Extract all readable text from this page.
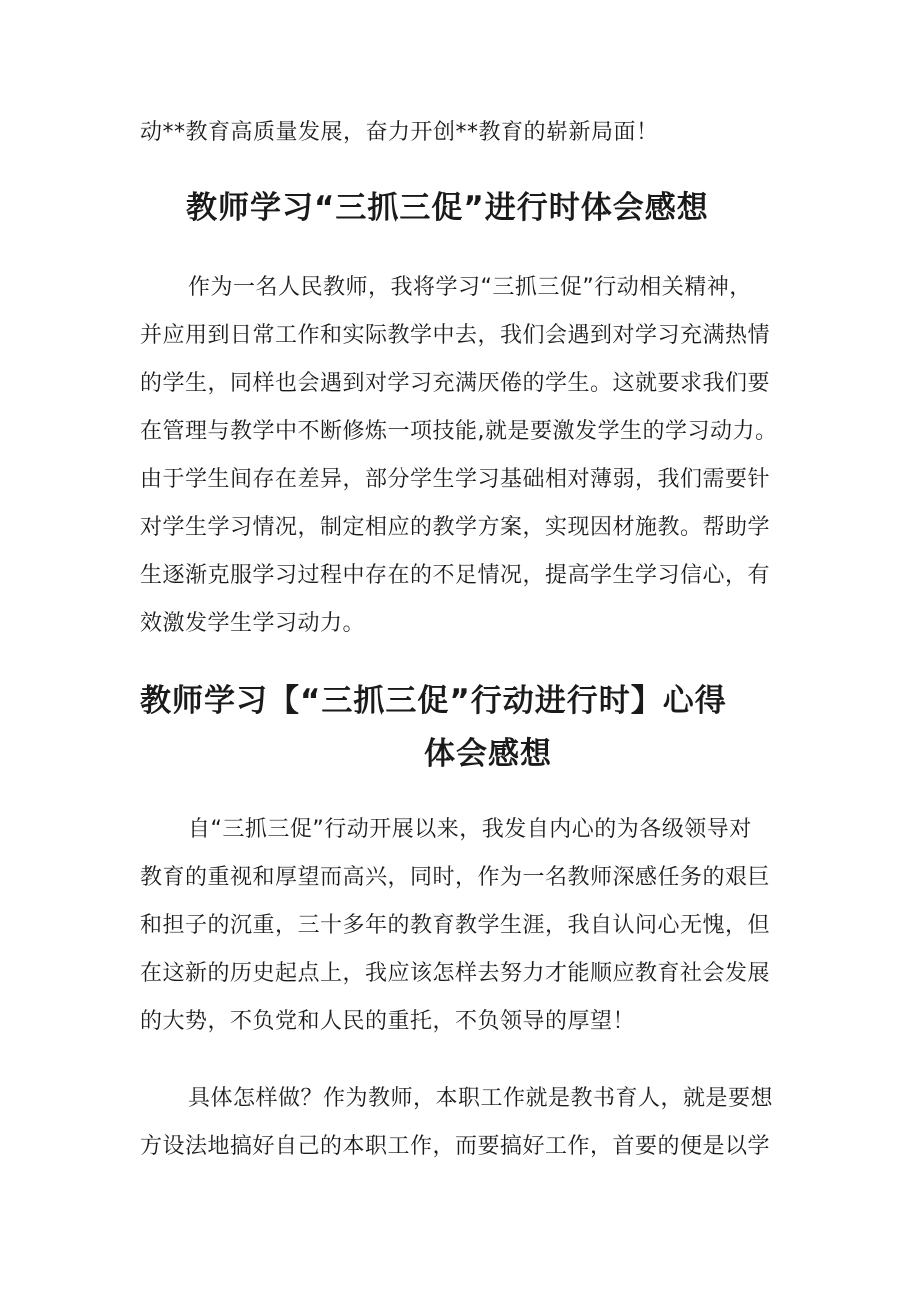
动**教育高质量发展，奋力开创**教育的崭新局面！
教师学习“三抓三促”进行时体会感想
作为一名人民教师，我将学习“三抓三促”行动相关精神，
并应用到日常工作和实际教学中去，我们会遇到对学习充满热情
的学生，同样也会遇到对学习充满厌倦的学生。这就要求我们要
在管理与教学中不断修炼一项技能,就是要激发学生的学习动力。
由于学生间存在差异，部分学生学习基础相对薄弱，我们需要针
对学生学习情况，制定相应的教学方案，实现因材施教。帮助学
生逐渐克服学习过程中存在的不足情况，提高学生学习信心，有
效激发学生学习动力。
教师学习【“三抓三促”行动进行时】心得
体会感想
自“三抓三促”行动开展以来，我发自内心的为各级领导对
教育的重视和厚望而高兴，同时，作为一名教师深感任务的艰巨
和担子的沉重，三十多年的教育教学生涯，我自认问心无愧，但
在这新的历史起点上，我应该怎样去努力才能顺应教育社会发展
的大势，不负党和人民的重托，不负领导的厚望！
具体怎样做？作为教师，本职工作就是教书育人，就是要想
方设法地搞好自己的本职工作，而要搞好工作，首要的便是以学
